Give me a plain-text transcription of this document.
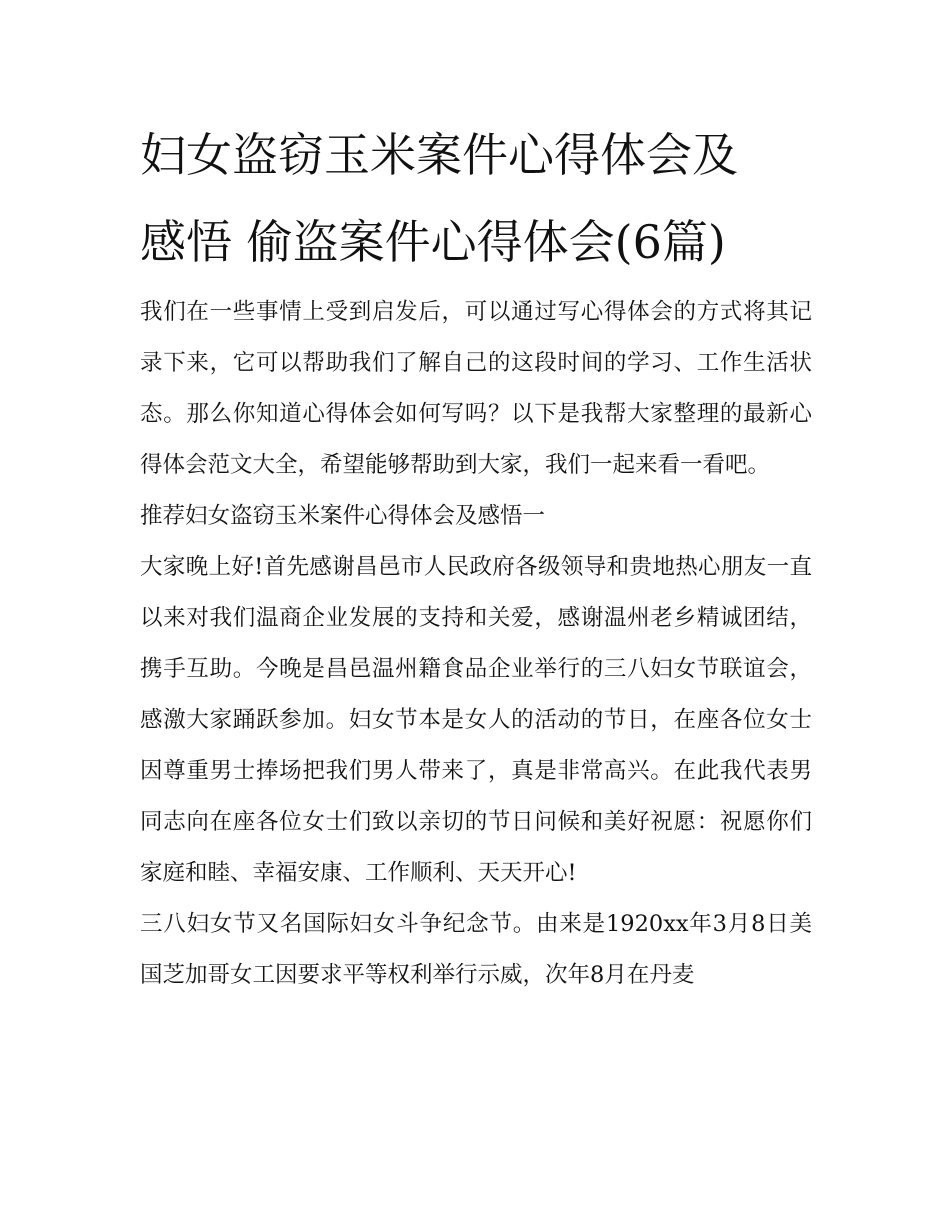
妇女盗窃玉米案件心得体会及
感悟 偷盗案件心得体会(6篇)

我们在一些事情上受到启发后，可以通过写心得体会的方式将其记录下来，它可以帮助我们了解自己的这段时间的学习、工作生活状态。那么你知道心得体会如何写吗？以下是我帮大家整理的最新心得体会范文大全，希望能够帮助到大家，我们一起来看一看吧。

推荐妇女盗窃玉米案件心得体会及感悟一

大家晚上好!首先感谢昌邑市人民政府各级领导和贵地热心朋友一直以来对我们温商企业发展的支持和关爱，感谢温州老乡精诚团结，携手互助。今晚是昌邑温州籍食品企业举行的三八妇女节联谊会，感激大家踊跃参加。妇女节本是女人的活动的节日，在座各位女士因尊重男士捧场把我们男人带来了，真是非常高兴。在此我代表男同志向在座各位女士们致以亲切的节日问候和美好祝愿：祝愿你们家庭和睦、幸福安康、工作顺利、天天开心!

三八妇女节又名国际妇女斗争纪念节。由来是1920xx年3月8日美国芝加哥女工因要求平等权利举行示威，次年8月在丹麦
